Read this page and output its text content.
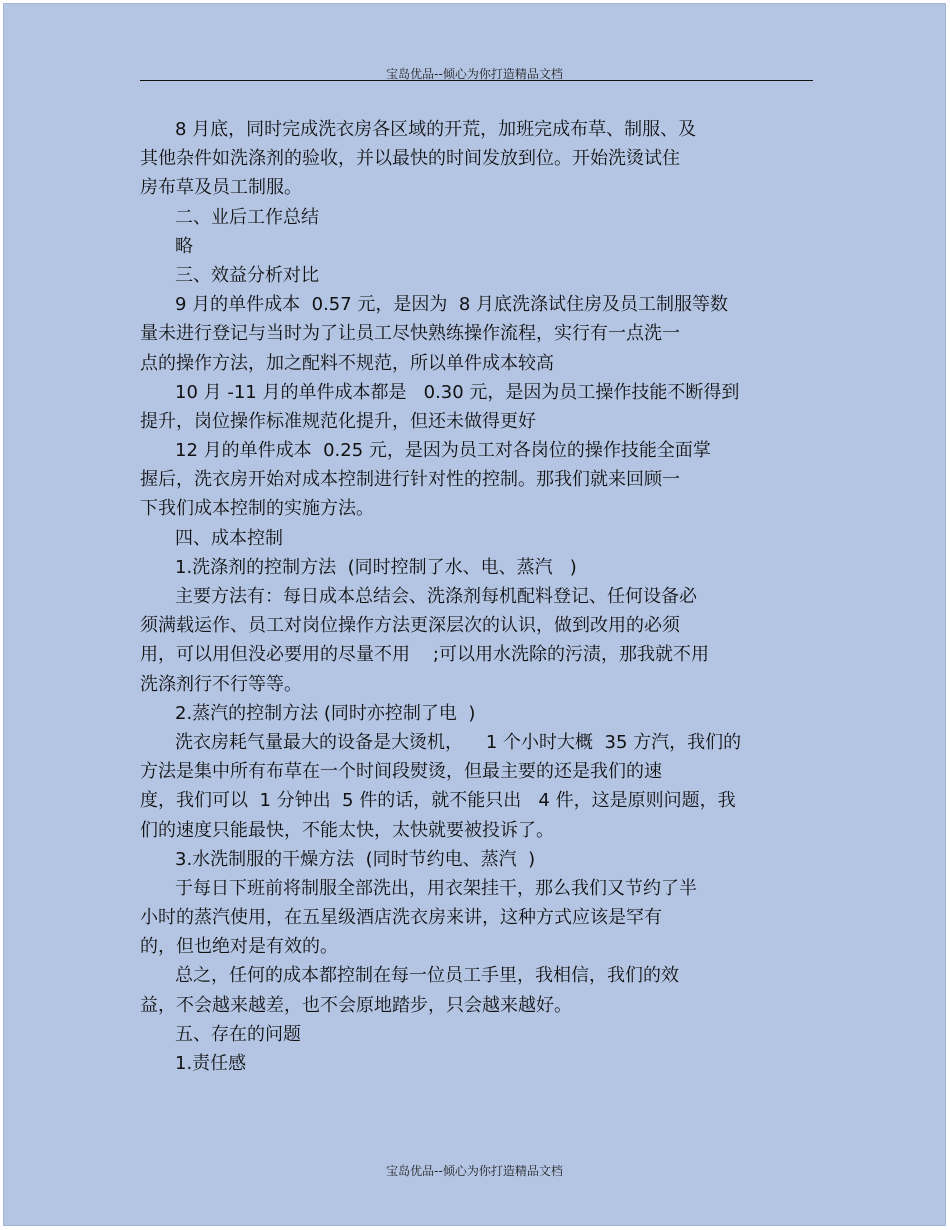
宝岛优品--倾心为你打造精品文档
8 月底，同时完成洗衣房各区域的开荒，加班完成布草、制服、及
其他杂件如洗涤剂的验收，并以最快的时间发放到位。开始洗烫试住
房布草及员工制服。
二、业后工作总结
略
三、效益分析对比
9 月的单件成本  0.57 元，是因为  8 月底洗涤试住房及员工制服等数
量未进行登记与当时为了让员工尽快熟练操作流程，实行有一点洗一
点的操作方法，加之配料不规范，所以单件成本较高
10 月 -11 月的单件成本都是   0.30 元，是因为员工操作技能不断得到
提升，岗位操作标准规范化提升，但还未做得更好
12 月的单件成本  0.25 元，是因为员工对各岗位的操作技能全面掌
握后，洗衣房开始对成本控制进行针对性的控制。那我们就来回顾一
下我们成本控制的实施方法。
四、成本控制
1.洗涤剂的控制方法  (同时控制了水、电、蒸汽   )
主要方法有：每日成本总结会、洗涤剂每机配料登记、任何设备必
须满载运作、员工对岗位操作方法更深层次的认识，做到改用的必须
用，可以用但没必要用的尽量不用    ;可以用水洗除的污渍，那我就不用
洗涤剂行不行等等。
2.蒸汽的控制方法 (同时亦控制了电  )
洗衣房耗气量最大的设备是大烫机，    1 个小时大概  35 方汽，我们的
方法是集中所有布草在一个时间段熨烫，但最主要的还是我们的速
度，我们可以  1 分钟出  5 件的话，就不能只出   4 件，这是原则问题，我
们的速度只能最快，不能太快，太快就要被投诉了。
3.水洗制服的干燥方法  (同时节约电、蒸汽  )
于每日下班前将制服全部洗出，用衣架挂干，那么我们又节约了半
小时的蒸汽使用，在五星级酒店洗衣房来讲，这种方式应该是罕有
的，但也绝对是有效的。
总之，任何的成本都控制在每一位员工手里，我相信，我们的效
益，不会越来越差，也不会原地踏步，只会越来越好。
五、存在的问题
1.责任感
宝岛优品--倾心为你打造精品文档
